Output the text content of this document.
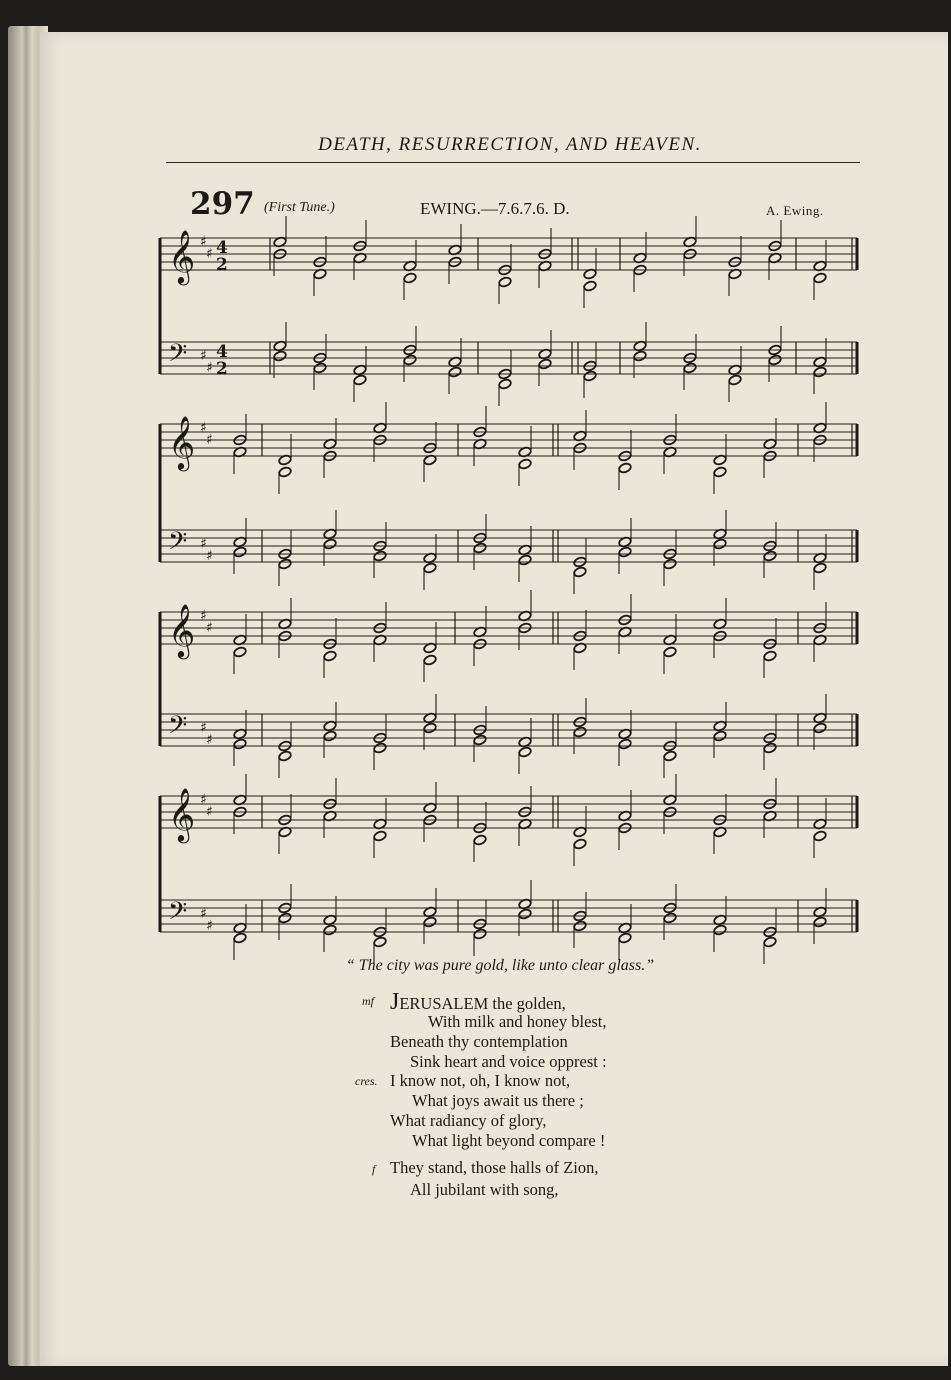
DEATH, RESURRECTION, AND HEAVEN.
297 (First Tune.)	EWING.—7.6.7.6. D.	A. Ewing.
𝄞 ♯
♯
𝄢 ♯
♯
4
2
4
2
𝄞 ♯
♯
𝄢 ♯
♯
𝄞 ♯
♯
𝄢 ♯
♯
𝄞 ♯
♯
𝄢 ♯
♯
“ The city was pure gold, like unto clear glass.”
mf JERUSALEM the golden,
With milk and honey blest,
Beneath thy contemplation
Sink heart and voice opprest :
cres. I know not, oh, I know not,
What joys await us there ;
What radiancy of glory,
What light beyond compare !
f They stand, those halls of Zion,
All jubilant with song,
